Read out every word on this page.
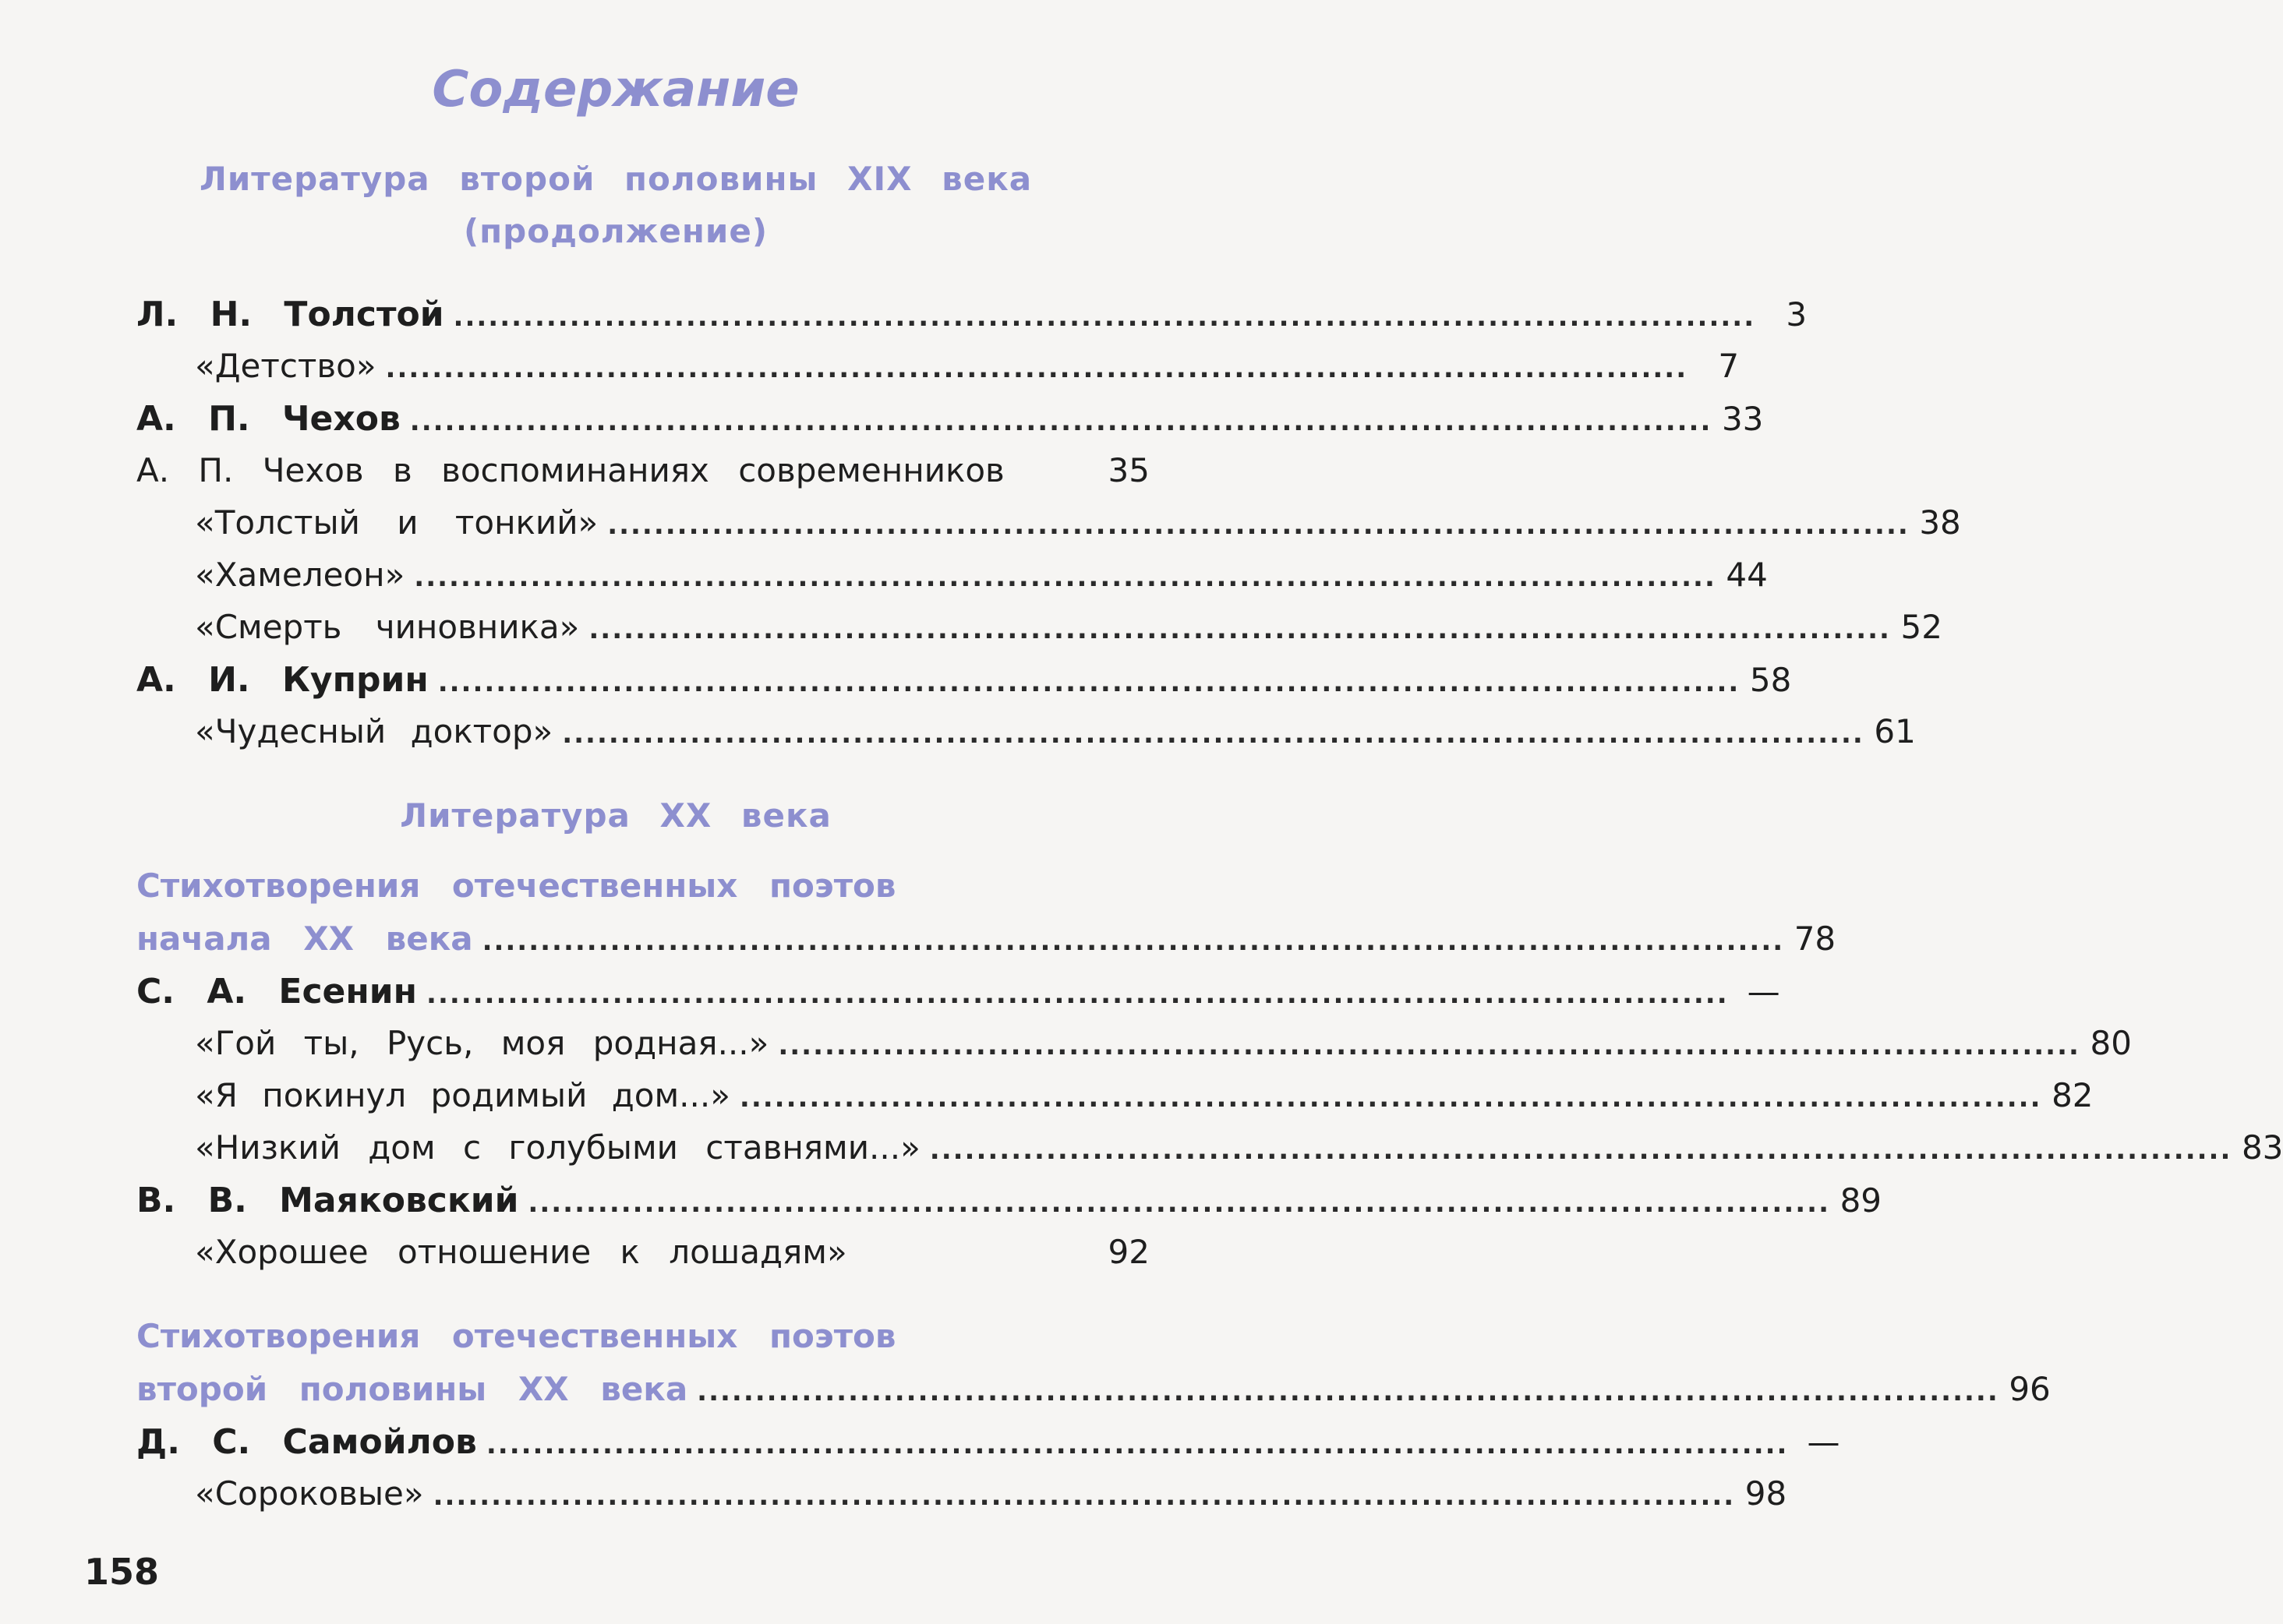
Содержание
Литература второй половины XIX века
(продолжение)
Л. Н. Толстой ................................................................................................................ 3
«Детство» ................................................................................................................ 7
А. П. Чехов ................................................................................................................ 33
А. П. Чехов в воспоминаниях современников	35
«Толстый и тонкий» ................................................................................................................ 38
«Хамелеон» ................................................................................................................ 44
«Смерть чиновника» ................................................................................................................ 52
А. И. Куприн ................................................................................................................ 58
«Чудесный доктор» ................................................................................................................ 61
Литература XX века
Стихотворения отечественных поэтов
начала XX века ................................................................................................................ 78
С. А. Есенин ................................................................................................................ —
«Гой ты, Русь, моя родная...» ................................................................................................................ 80
«Я покинул родимый дом...» ................................................................................................................ 82
«Низкий дом с голубыми ставнями...» ................................................................................................................ 83
В. В. Маяковский ................................................................................................................ 89
«Хорошее отношение к лошадям»	92
Стихотворения отечественных поэтов
второй половины XX века ................................................................................................................ 96
Д. С. Самойлов ................................................................................................................ —
«Сороковые» ................................................................................................................ 98
158
